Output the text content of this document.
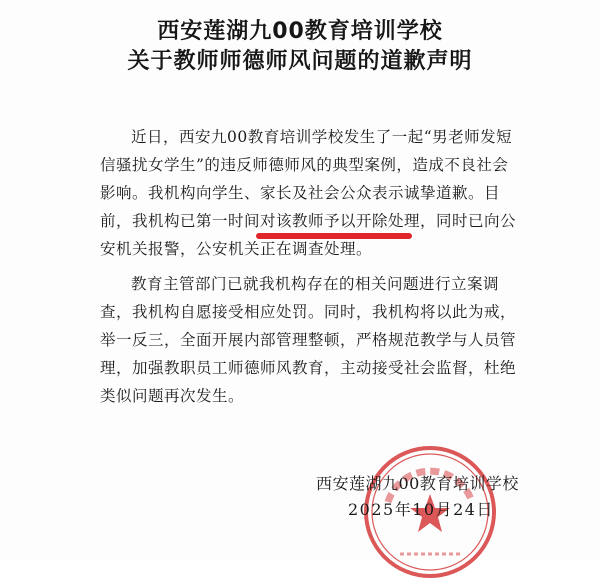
西安莲湖九00教育培训学校
关于教师师德师风问题的道歉声明

近日，西安九00教育培训学校发生了一起“男老师发短信骚扰女学生”的违反师德师风的典型案例，造成不良社会影响。我机构向学生、家长及社会公众表示诚挚道歉。目前，我机构已第一时间对该教师予以开除处理，同时已向公安机关报警，公安机关正在调查处理。

教育主管部门已就我机构存在的相关问题进行立案调查，我机构自愿接受相应处罚。同时，我机构将以此为戒，举一反三，全面开展内部管理整顿，严格规范教学与人员管理，加强教职员工师德师风教育，主动接受社会监督，杜绝类似问题再次发生。

西安莲湖九00教育培训学校
2025年10月24日
